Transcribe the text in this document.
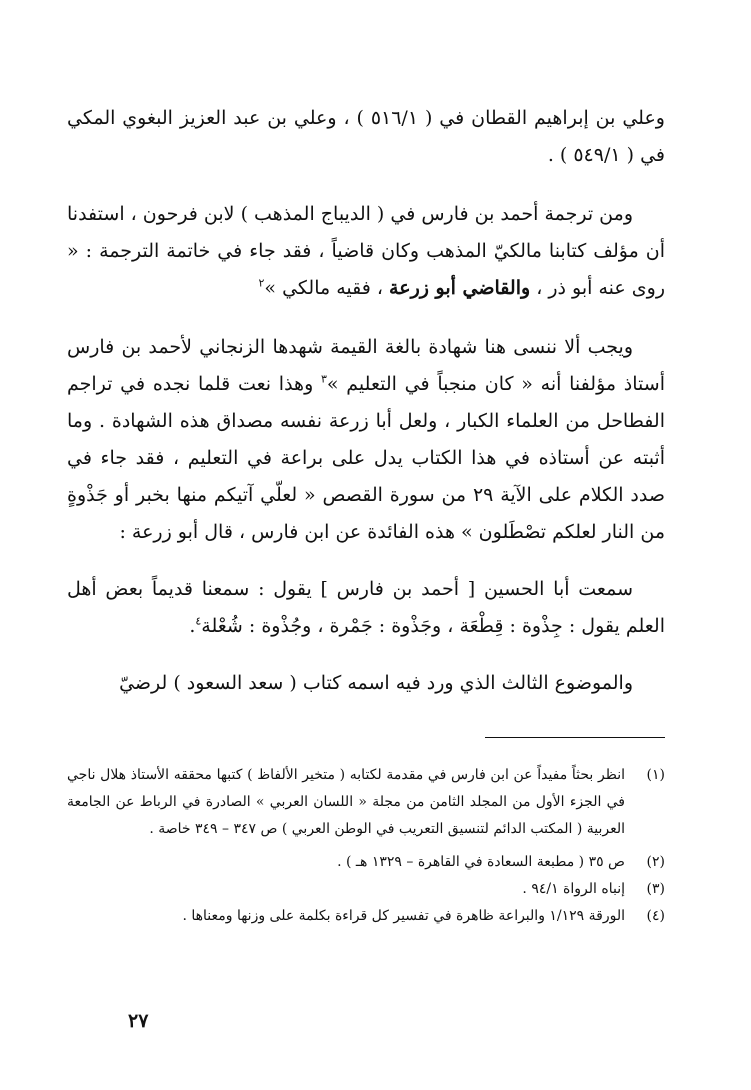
وعلي بن إبراهيم القطان في ( ٥١٦/١ ) ، وعلي بن عبد العزيز البغوي المكي في ( ٥٤٩/١ ) .

ومن ترجمة أحمد بن فارس في ( الديباج المذهب ) لابن فرحون ، استفدنا أن مؤلف كتابنا مالكيّ المذهب وكان قاضياً ، فقد جاء في خاتمة الترجمة : « روى عنه أبو ذر ، والقاضي أبو زرعة ، فقيه مالكي »$^٢$

ويجب ألا ننسى هنا شهادة بالغة القيمة شهدها الزنجاني لأحمد بن فارس أستاذ مؤلفنا أنه « كان منجباً في التعليم »$^٣$ وهذا نعت قلما نجده في تراجم الفطاحل من العلماء الكبار ، ولعل أبا زرعة نفسه مصداق هذه الشهادة . وما أثبته عن أستاذه في هذا الكتاب يدل على براعة في التعليم ، فقد جاء في صدد الكلام على الآية ٢٩ من سورة القصص « لعلّي آتيكم منها بخبر أو جَذْوةٍ من النار لعلكم تصْطَلون » هذه الفائدة عن ابن فارس ، قال أبو زرعة :

سمعت أبا الحسين [ أحمد بن فارس ] يقول : سمعنا قديماً بعض أهل العلم يقول : جِذْوة : قِطْعَة ، وجَذْوة : جَمْرة ، وجُذْوة : شُعْلة$^٤$.

والموضوع الثالث الذي ورد فيه اسمه كتاب ( سعد السعود ) لرضيّ

(١)
انظر بحثاً مفيداً عن ابن فارس في مقدمة لكتابه ( متخير الألفاظ ) كتبها محققه الأستاذ هلال ناجي في الجزء الأول من المجلد الثامن من مجلة « اللسان العربي » الصادرة في الرباط عن الجامعة العربية ( المكتب الدائم لتنسيق التعريب في الوطن العربي ) ص ٣٤٧ – ٣٤٩ خاصة .

(٢)
ص ٣٥ ( مطبعة السعادة في القاهرة – ١٣٢٩ هـ ) .

(٣)
إنباه الرواة ٩٤/١ .

(٤)
الورقة ١/١٢٩ والبراعة ظاهرة في تفسير كل قراءة بكلمة على وزنها ومعناها .

٢٧
